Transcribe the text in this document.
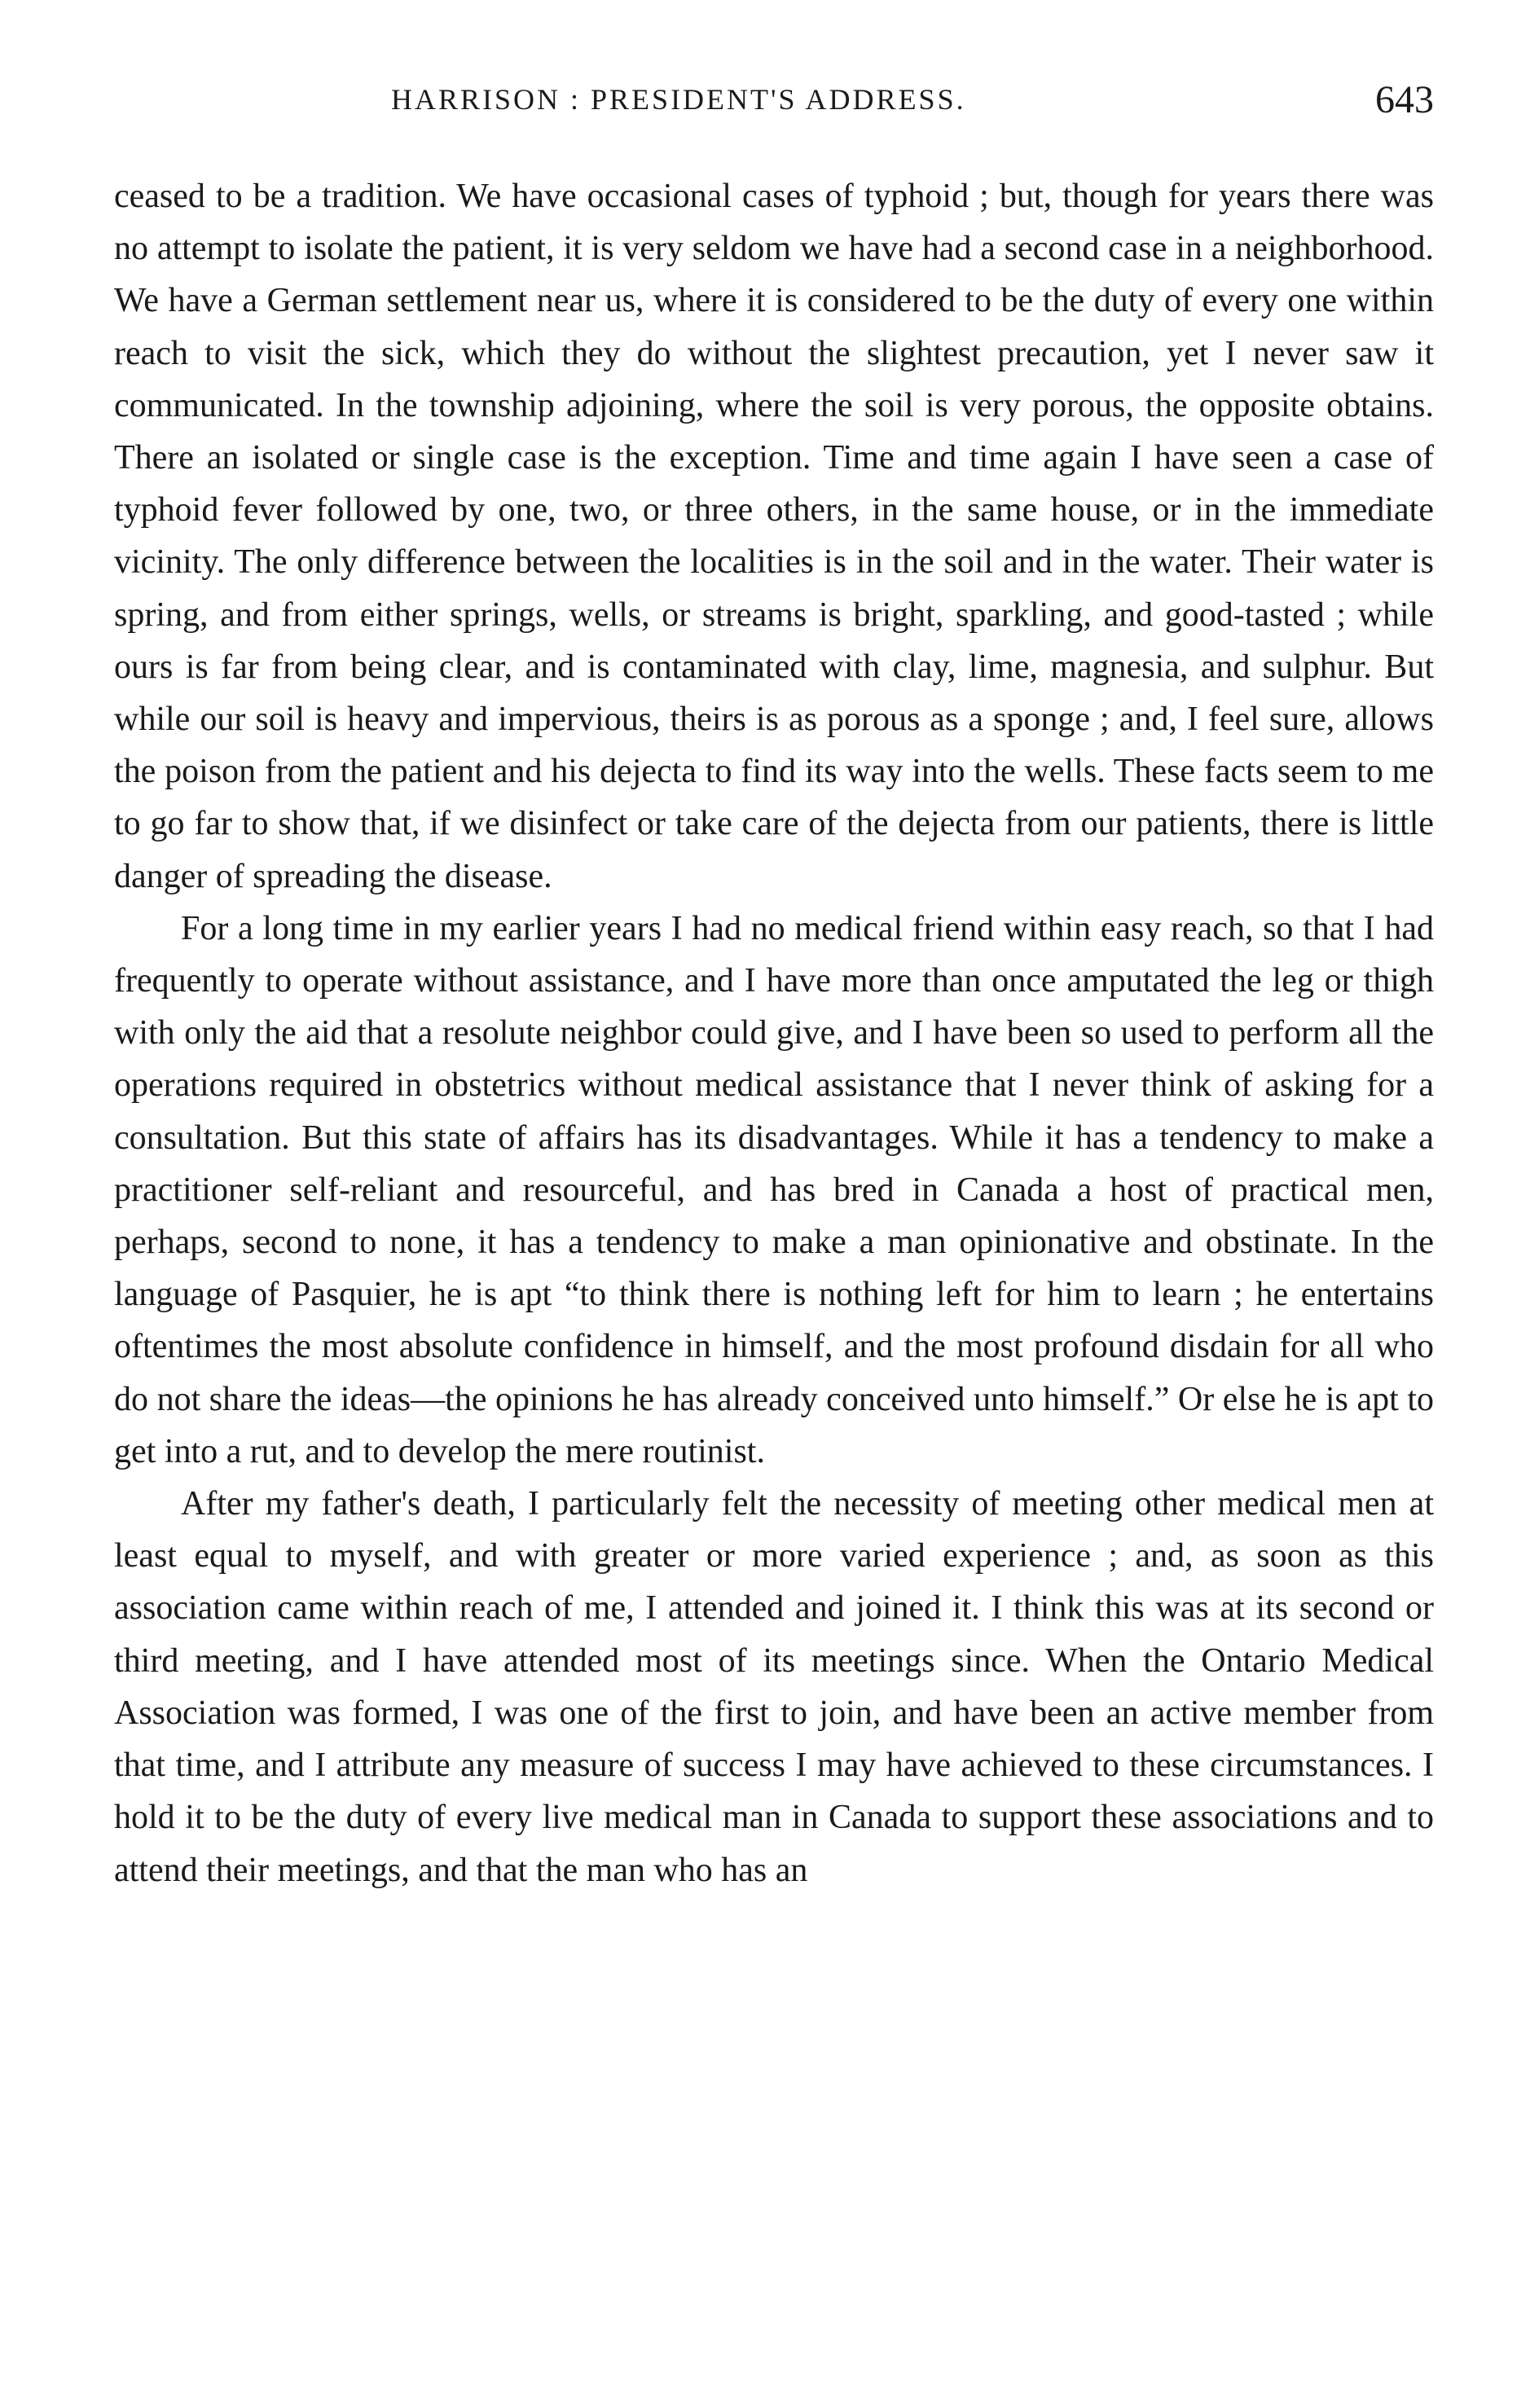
HARRISON : PRESIDENT'S ADDRESS.	643

ceased to be a tradition. We have occasional cases of typhoid ; but, though for years there was no attempt to isolate the patient, it is very seldom we have had a second case in a neighborhood. We have a German settlement near us, where it is considered to be the duty of every one within reach to visit the sick, which they do without the slightest precaution, yet I never saw it communicated. In the township adjoining, where the soil is very porous, the opposite obtains. There an isolated or single case is the exception. Time and time again I have seen a case of typhoid fever followed by one, two, or three others, in the same house, or in the immediate vicinity. The only difference between the localities is in the soil and in the water. Their water is spring, and from either springs, wells, or streams is bright, sparkling, and good-tasted ; while ours is far from being clear, and is contaminated with clay, lime, magnesia, and sulphur. But while our soil is heavy and impervious, theirs is as porous as a sponge ; and, I feel sure, allows the poison from the patient and his dejecta to find its way into the wells. These facts seem to me to go far to show that, if we disinfect or take care of the dejecta from our patients, there is little danger of spreading the disease.

For a long time in my earlier years I had no medical friend within easy reach, so that I had frequently to operate without assistance, and I have more than once amputated the leg or thigh with only the aid that a resolute neighbor could give, and I have been so used to perform all the operations required in obstetrics without medical assistance that I never think of asking for a consultation. But this state of affairs has its disadvantages. While it has a tendency to make a practitioner self-reliant and resourceful, and has bred in Canada a host of practical men, perhaps, second to none, it has a tendency to make a man opinionative and obstinate. In the language of Pasquier, he is apt “to think there is nothing left for him to learn ; he entertains oftentimes the most absolute confidence in himself, and the most profound disdain for all who do not share the ideas—the opinions he has already conceived unto himself.” Or else he is apt to get into a rut, and to develop the mere routinist.

After my father's death, I particularly felt the necessity of meeting other medical men at least equal to myself, and with greater or more varied experience ; and, as soon as this association came within reach of me, I attended and joined it. I think this was at its second or third meeting, and I have attended most of its meetings since. When the Ontario Medical Association was formed, I was one of the first to join, and have been an active member from that time, and I attribute any measure of success I may have achieved to these circumstances. I hold it to be the duty of every live medical man in Canada to support these associations and to attend their meetings, and that the man who has an
